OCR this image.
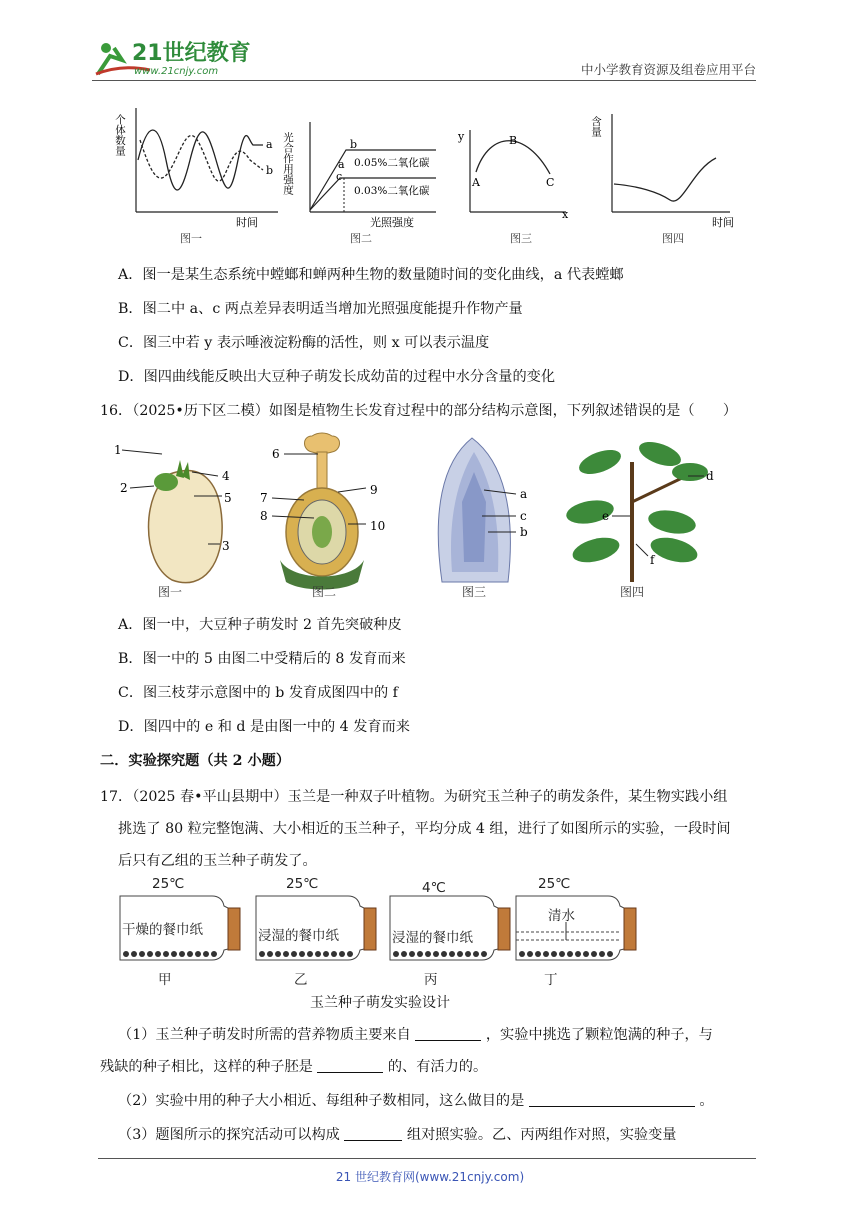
21世纪教育
www.21cnjy.com	中小学教育资源及组卷应用平台
个体数量	a
b
时间
图一
光合作用强度	a
b
c
0.05%二氧化碳
0.03%二氧化碳
光照强度
图二
y
x
A
B
C
图三
含量
时间
图四
A．图一是某生态系统中螳螂和蝉两种生物的数量随时间的变化曲线，a 代表螳螂
B．图二中 a、c 两点差异表明适当增加光照强度能提升作物产量
C．图三中若 y 表示唾液淀粉酶的活性，则 x 可以表示温度
D．图四曲线能反映出大豆种子萌发长成幼苗的过程中水分含量的变化
16．（2025•历下区二模）如图是植物生长发育过程中的部分结构示意图，下列叙述错误的是（　　）
1
2
3
4
5
图一
6
7
8
9
10
图二
a
c
b
图三
d
e
f
图四
A．图一中，大豆种子萌发时 2 首先突破种皮
B．图一中的 5 由图二中受精后的 8 发育而来
C．图三枝芽示意图中的 b 发育成图四中的 f
D．图四中的 e 和 d 是由图一中的 4 发育而来
二．实验探究题（共 2 小题）
17．（2025 春•平山县期中）玉兰是一种双子叶植物。为研究玉兰种子的萌发条件，某生物实践小组
挑选了 80 粒完整饱满、大小相近的玉兰种子，平均分成 4 组，进行了如图所示的实验，一段时间
后只有乙组的玉兰种子萌发了。
25℃	25℃	4℃	25℃
干燥的餐巾纸	浸湿的餐巾纸	浸湿的餐巾纸
清水
甲	乙	丙	丁
玉兰种子萌发实验设计
（1）玉兰种子萌发时所需的营养物质主要来自	，实验中挑选了颗粒饱满的种子，与
残缺的种子相比，这样的种子胚是	的、有活力的。
（2）实验中用的种子大小相近、每组种子数相同，这么做目的是	。
（3）题图所示的探究活动可以构成	组对照实验。乙、丙两组作对照，实验变量
21 世纪教育网(www.21cnjy.com)
